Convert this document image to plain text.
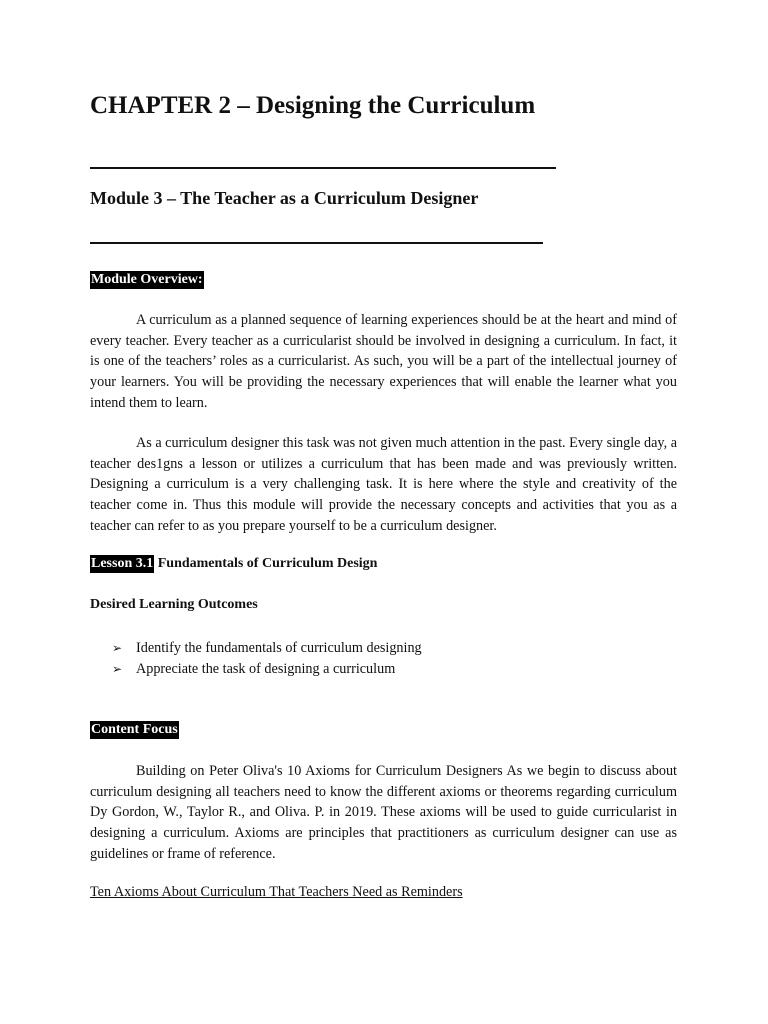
CHAPTER 2 – Designing the Curriculum
Module 3 – The Teacher as a Curriculum Designer
Module Overview:

A curriculum as a planned sequence of learning experiences should be at the heart and mind of every teacher. Every teacher as a curricularist should be involved in designing a curriculum. In fact, it is one of the teachers’ roles as a curricularist. As such, you will be a part of the intellectual journey of your learners. You will be providing the necessary experiences that will enable the learner what you intend them to learn.

As a curriculum designer this task was not given much attention in the past. Every single day, a teacher des1gns a lesson or utilizes a curriculum that has been made and was previously written. Designing a curriculum is a very challenging task. It is here where the style and creativity of the teacher come in. Thus this module will provide the necessary concepts and activities that you as a teacher can refer to as you prepare yourself to be a curriculum designer.

Lesson 3.1 Fundamentals of Curriculum Design
Desired Learning Outcomes
➢ Identify the fundamentals of curriculum designing
➢ Appreciate the task of designing a curriculum
Content Focus

Building on Peter Oliva's 10 Axioms for Curriculum Designers As we begin to discuss about curriculum designing all teachers need to know the different axioms or theorems regarding curriculum Dy Gordon, W., Taylor R., and Oliva. P. in 2019. These axioms will be used to guide curricularist in designing a curriculum. Axioms are principles that practitioners as curriculum designer can use as guidelines or frame of reference.

Ten Axioms About Curriculum That Teachers Need as Reminders
